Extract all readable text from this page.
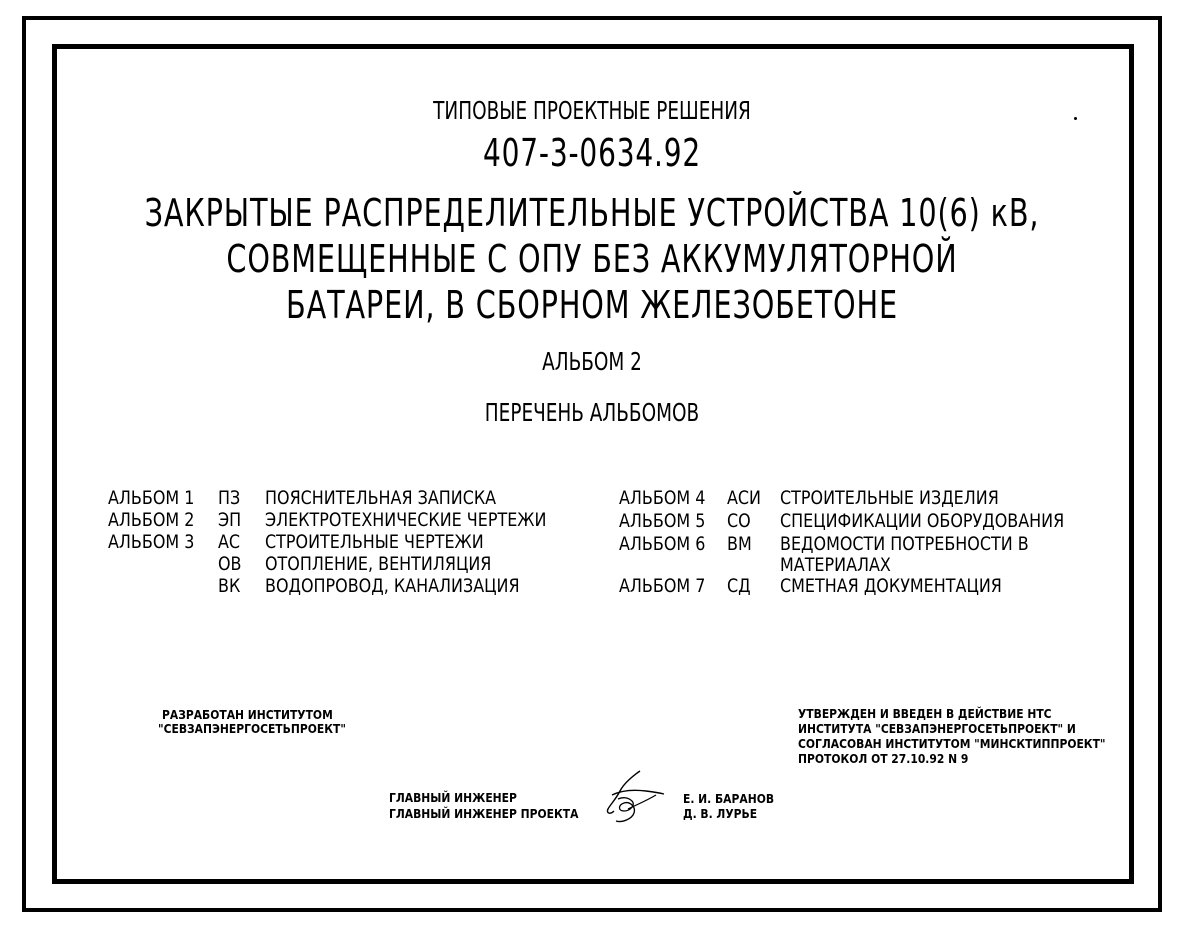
ТИПОВЫЕ ПРОЕКТНЫЕ РЕШЕНИЯ
407-3-0634.92
ЗАКРЫТЫЕ РАСПРЕДЕЛИТЕЛЬНЫЕ УСТРОЙСТВА 10(6) кВ,
СОВМЕЩЕННЫЕ С ОПУ БЕЗ АККУМУЛЯТОРНОЙ
БАТАРЕИ, В СБОРНОМ ЖЕЛЕЗОБЕТОНЕ
АЛЬБОМ 2
ПЕРЕЧЕНЬ АЛЬБОМОВ
АЛЬБОМ 1 ПЗ ПОЯСНИТЕЛЬНАЯ ЗАПИСКА
АЛЬБОМ 2 ЭП ЭЛЕКТРОТЕХНИЧЕСКИЕ ЧЕРТЕЖИ
АЛЬБОМ 3 АС СТРОИТЕЛЬНЫЕ ЧЕРТЕЖИ
ОВ ОТОПЛЕНИЕ, ВЕНТИЛЯЦИЯ
ВК ВОДОПРОВОД, КАНАЛИЗАЦИЯ
АЛЬБОМ 4 АСИ СТРОИТЕЛЬНЫЕ ИЗДЕЛИЯ
АЛЬБОМ 5 СО СПЕЦИФИКАЦИИ ОБОРУДОВАНИЯ
АЛЬБОМ 6 ВМ ВЕДОМОСТИ ПОТРЕБНОСТИ В
МАТЕРИАЛАХ
АЛЬБОМ 7 СД СМЕТНАЯ ДОКУМЕНТАЦИЯ
РАЗРАБОТАН ИНСТИТУТОМ
"СЕВЗАПЭНЕРГОСЕТЬПРОЕКТ"
УТВЕРЖДЕН И ВВЕДЕН В ДЕЙСТВИЕ НТС
ИНСТИТУТА "СЕВЗАПЭНЕРГОСЕТЬПРОЕКТ" И
СОГЛАСОВАН ИНСТИТУТОМ "МИНСКТИППРОЕКТ"
ПРОТОКОЛ ОТ 27.10.92 N 9
ГЛАВНЫЙ ИНЖЕНЕР
ГЛАВНЫЙ ИНЖЕНЕР ПРОЕКТА
Е. И. БАРАНОВ
Д. В. ЛУРЬЕ
